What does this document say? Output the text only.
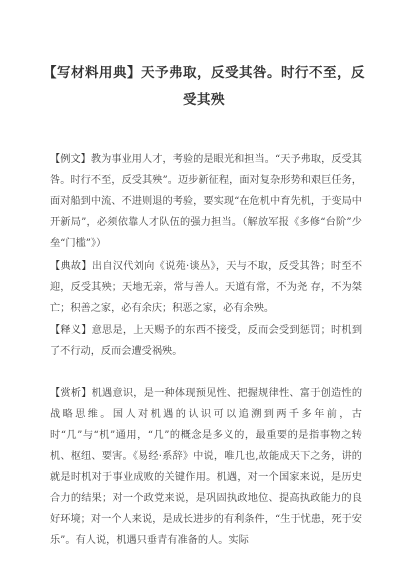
【写材料用典】天予弗取，反受其咎。时行不至，反受其殃

【例文】教为事业用人才，考验的是眼光和担当。“天予弗取，反受其咎。时行不至，反受其殃”。迈步新征程，面对复杂形势和艰巨任务，面对船到中流、不进则退的考验，要实现“在危机中育先机，于变局中开新局”，必须依靠人才队伍的强力担当。（解放军报《多修“台阶”少垒“门槛”》）

【典故】出自汉代刘向《说苑·谈丛》，天与不取，反受其咎；时至不迎，反受其殃；天地无亲，常与善人。天道有常，不为尧 存，不为桀亡；积善之家，必有余庆；积恶之家，必有余殃。

【释义】意思是，上天赐予的东西不接受，反而会受到惩罚；时机到了不行动，反而会遭受祸殃。

【赏析】机遇意识，是一种体现预见性、把握规律性、富于创造性的战略思维。国人对机遇的认识可以追溯到两千多年前，古时“几”与“机”通用，“几”的概念是多义的，最重要的是指事物之转机、枢纽、要害。《易经·系辞》中说，唯几也,故能成天下之务，讲的就是时机对于事业成败的关键作用。机遇，对一个国家来说，是历史合力的结果；对一个政党来说，是巩固执政地位、提高执政能力的良好环境；对一个人来说，是成长进步的有利条件，“生于忧患，死于安乐”。有人说，机遇只垂青有准备的人。实际
